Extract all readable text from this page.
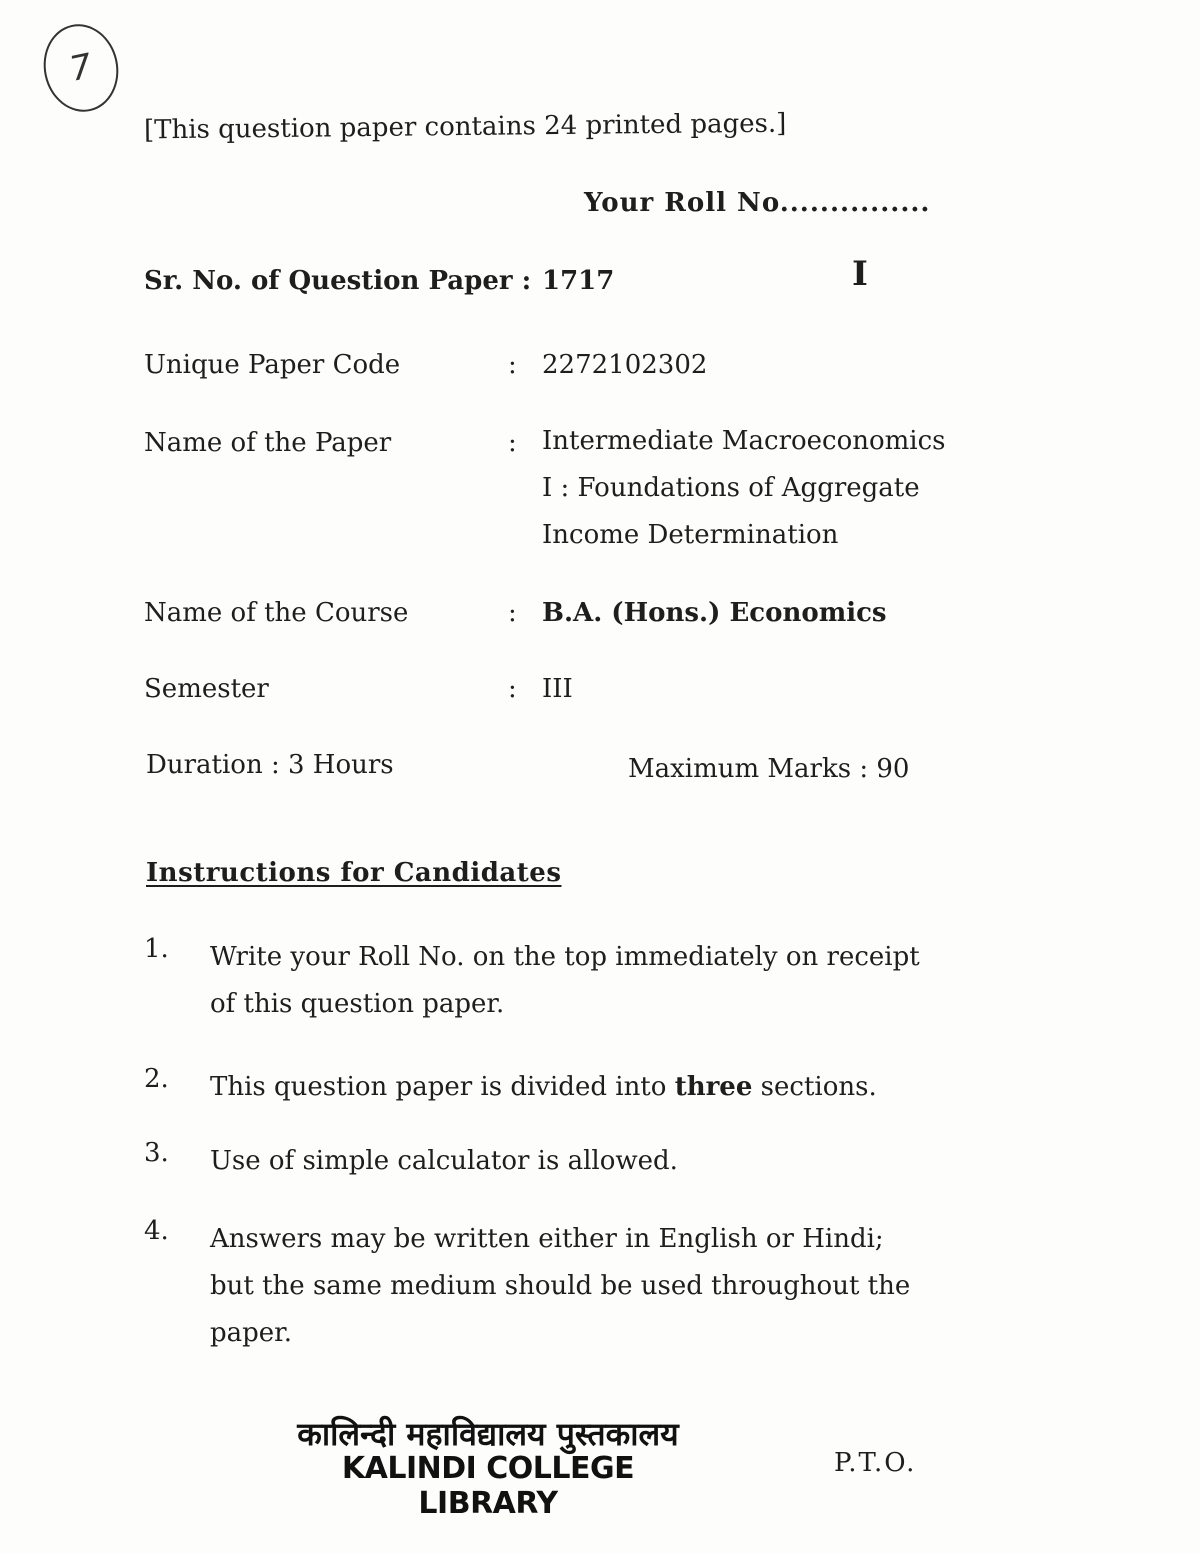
7
[This question paper contains 24 printed pages.]
Your Roll No...............
I
Sr. No. of Question Paper : 1717
Unique Paper Code	: 2272102302
Name of the Paper	: Intermediate Macroeconomics
I : Foundations of Aggregate
Income Determination
Name of the Course	: B.A. (Hons.) Economics
Semester	: III
Duration : 3 Hours	Maximum Marks : 90
Instructions for Candidates
1. Write your Roll No. on the top immediately on receipt of this question paper.
2. This question paper is divided into three sections.
3. Use of simple calculator is allowed.
4. Answers may be written either in English or Hindi; but the same medium should be used throughout the paper.
कालिन्दी महाविद्यालय पुस्तकालय
KALINDI COLLEGE LIBRARY
P.T.O.
